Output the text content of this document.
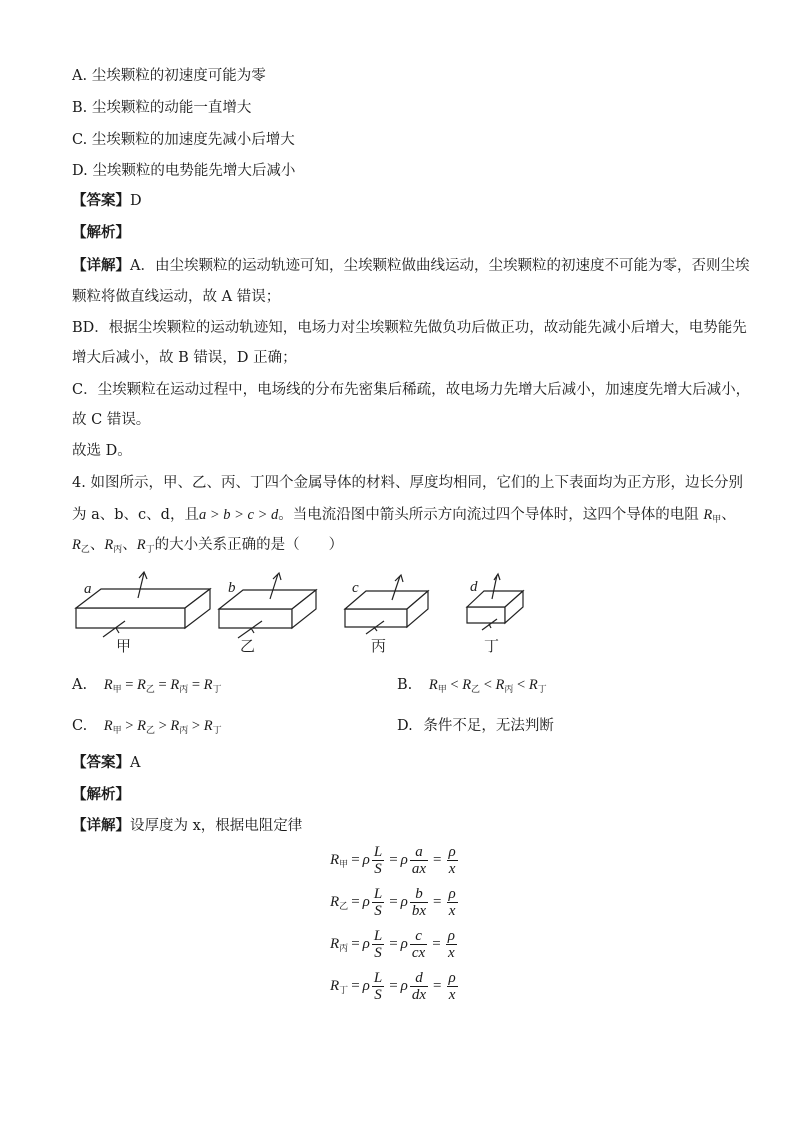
A. 尘埃颗粒的初速度可能为零
B. 尘埃颗粒的动能一直增大
C. 尘埃颗粒的加速度先减小后增大
D. 尘埃颗粒的电势能先增大后减小
【答案】D
【解析】
【详解】A．由尘埃颗粒的运动轨迹可知，尘埃颗粒做曲线运动，尘埃颗粒的初速度不可能为零，否则尘埃
颗粒将做直线运动，故 A 错误；
BD．根据尘埃颗粒的运动轨迹知，电场力对尘埃颗粒先做负功后做正功，故动能先减小后增大，电势能先
增大后减小，故 B 错误，D 正确；
C．尘埃颗粒在运动过程中，电场线的分布先密集后稀疏，故电场力先增大后减小，加速度先增大后减小，
故 C 错误。
故选 D。
4. 如图所示，甲、乙、丙、丁四个金属导体的材料、厚度均相同，它们的上下表面均为正方形，边长分别
为 a、b、c、d，且a > b > c > d。当电流沿图中箭头所示方向流过四个导体时，这四个导体的电阻 $R_甲$、
$R_乙$、$R_丙$、$R_丁$的大小关系正确的是（　　）
a	b	c	d
甲	乙	丙	丁
A. $R_甲 = R_乙 = R_丙 = R_丁$	B. $R_甲 < R_乙 < R_丙 < R_丁$
C. $R_甲 > R_乙 > R_丙 > R_丁$	D. 条件不足，无法判断
【答案】A
【解析】
【详解】设厚度为 x，根据电阻定律
$R_甲 = \rho \frac{L}{S} = \rho \frac{a}{ax} = \frac{\rho}{x}$
$R_乙 = \rho \frac{L}{S} = \rho \frac{b}{bx} = \frac{\rho}{x}$
$R_丙 = \rho \frac{L}{S} = \rho \frac{c}{cx} = \frac{\rho}{x}$
$R_丁 = \rho \frac{L}{S} = \rho \frac{d}{dx} = \frac{\rho}{x}$
